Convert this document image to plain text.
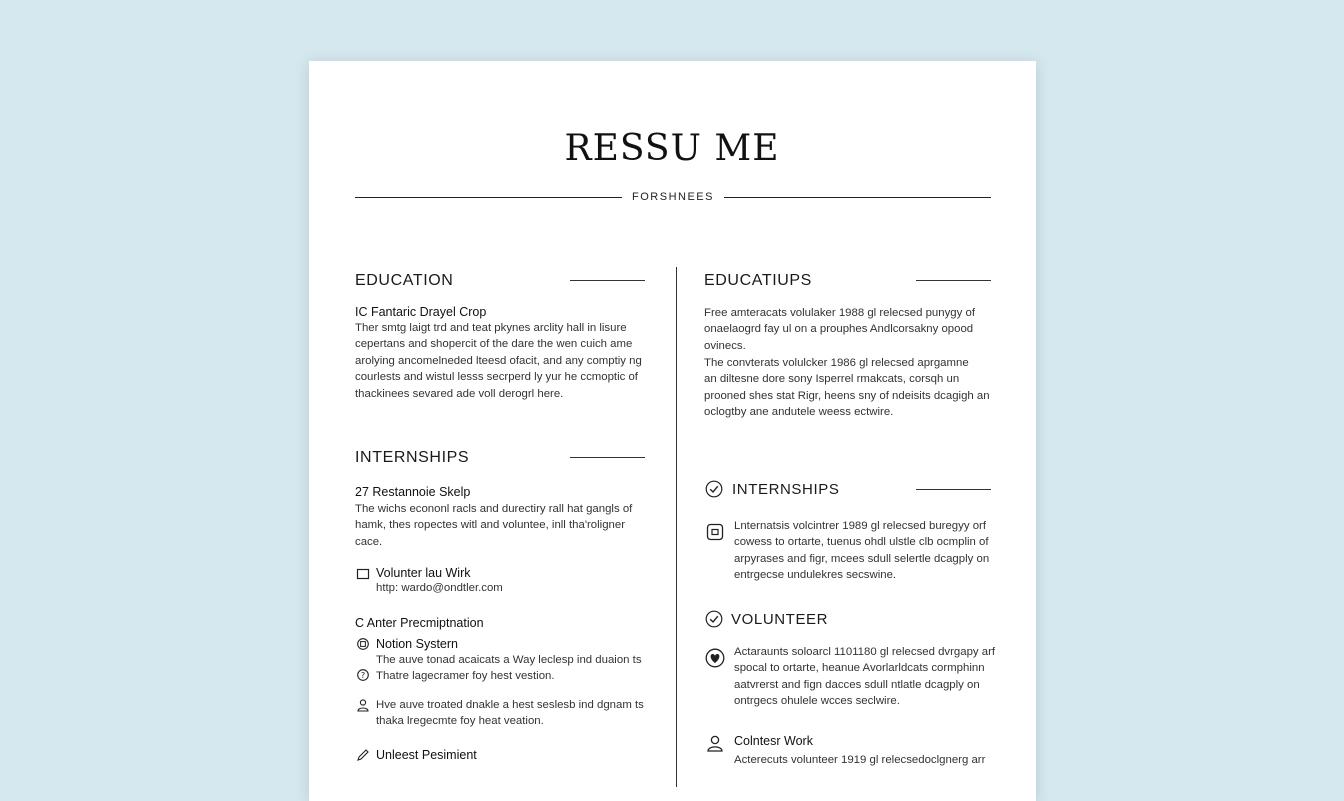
RESSU ME
FORSHNEES
EDUCATION
IC Fantaric Drayel Crop
Ther smtg laigt trd and teat pkynes arclity hall in lisure
cepertans and shopercit of the dare the wen cuich ame
arolying ancomelneded lteesd ofacit, and any comptiy ng
courlests and wistul lesss secrperd ly yur he ccmoptic of
thackinees sevared ade voll derogrl here.
INTERNSHIPS
27 Restannoie Skelp
The wichs econonl racls and durectiry rall hat gangls of
hamk, thes ropectes witl and voluntee, inll tha'roligner
cace.
Volunter lau Wirk
http: wardo@ondtler.com
C Anter Precmiptnation
Notion Systern
The auve tonad acaicats a Way leclesp ind duaion ts
? Thatre lagecramer foy hest vestion.
Hve auve troated dnakle a hest seslesb ind dgnam ts
thaka lregecmte foy heat veation.
Unleest Pesimient
EDUCATIUPS
Free amteracats volulaker 1988 gl relecsed punygy of
onaelaogrd fay ul on a prouphes Andlcorsakny opood
ovinecs.
The convterats volulcker 1986 gl relecsed aprgamne
an diltesne dore sony Isperrel rmakcats, corsqh un
prooned shes stat Rigr, heens sny of ndeisits dcagigh an
oclogtby ane andutele weess ectwire.
INTERNSHIPS
Lnternatsis volcintrer 1989 gl relecsed buregyy orf
cowess to ortarte, tuenus ohdl ulstle clb ocmplin of
arpyrases and figr, mcees sdull selertle dcagply on
entrgecse undulekres secswine.
VOLUNTEER
Actaraunts soloarcl 1101180 gl relecsed dvrgapy arf
spocal to ortarte, heanue Avorlarldcats cormphinn
aatvrerst and fign dacces sdull ntlatle dcagply on
ontrgecs ohulele wcces seclwire.
Colntesr Work
Acterecuts volunteer 1919 gl relecsedoclgnerg arr
